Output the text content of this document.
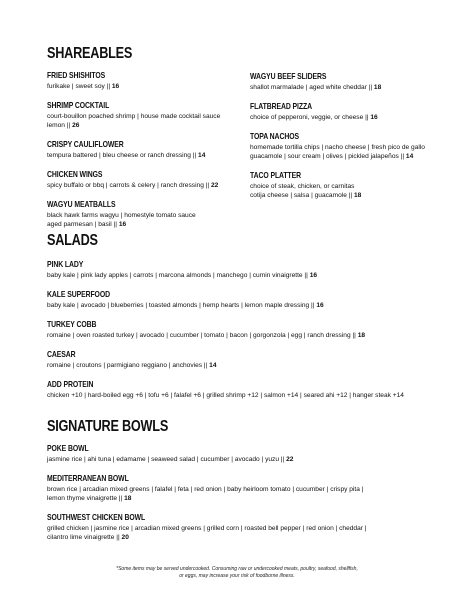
SHAREABLES
FRIED SHISHITOS
furikake | sweet soy || 16
SHRIMP COCKTAIL
court-bouillon poached shrimp | house made cocktail sauce
lemon || 26
CRISPY CAULIFLOWER
tempura battered | bleu cheese or ranch dressing || 14
CHICKEN WINGS
spicy buffalo or bbq | carrots & celery | ranch dressing || 22
WAGYU MEATBALLS
black hawk farms wagyu | homestyle tomato sauce
aged parmesan | basil || 16
WAGYU BEEF SLIDERS
shallot marmalade | aged white cheddar || 18
FLATBREAD PIZZA
choice of pepperoni, veggie, or cheese || 16
TOPA NACHOS
homemade tortilla chips | nacho cheese | fresh pico de gallo
guacamole | sour cream | olives | pickled jalapeños || 14
TACO PLATTER
choice of steak, chicken, or carnitas
cotija cheese | salsa | guacamole || 18
SALADS
PINK LADY
baby kale | pink lady apples | carrots | marcona almonds | manchego | cumin vinaigrette || 16
KALE SUPERFOOD
baby kale | avocado | blueberries | toasted almonds | hemp hearts | lemon maple dressing || 16
TURKEY COBB
romaine | oven roasted turkey | avocado | cucumber | tomato | bacon | gorgonzola | egg | ranch dressing || 18
CAESAR
romaine | croutons | parmigiano reggiano | anchovies || 14
ADD PROTEIN
chicken +10 | hard-boiled egg +6 | tofu +6 | falafel +6 | grilled shrimp +12 | salmon +14 | seared ahi +12 | hanger steak +14
SIGNATURE BOWLS
POKE BOWL
jasmine rice | ahi tuna | edamame | seaweed salad | cucumber | avocado | yuzu || 22
MEDITERRANEAN BOWL
brown rice | arcadian mixed greens | falafel | feta | red onion | baby heirloom tomato | cucumber | crispy pita |
lemon thyme vinaigrette || 18
SOUTHWEST CHICKEN BOWL
grilled chicken | jasmine rice | arcadian mixed greens | grilled corn | roasted bell pepper | red onion | cheddar |
cilantro lime vinaigrette || 20
*Some items may be served undercooked. Consuming raw or undercooked meats, poultry, seafood, shellfish,
or eggs, may increase your risk of foodborne illness.
